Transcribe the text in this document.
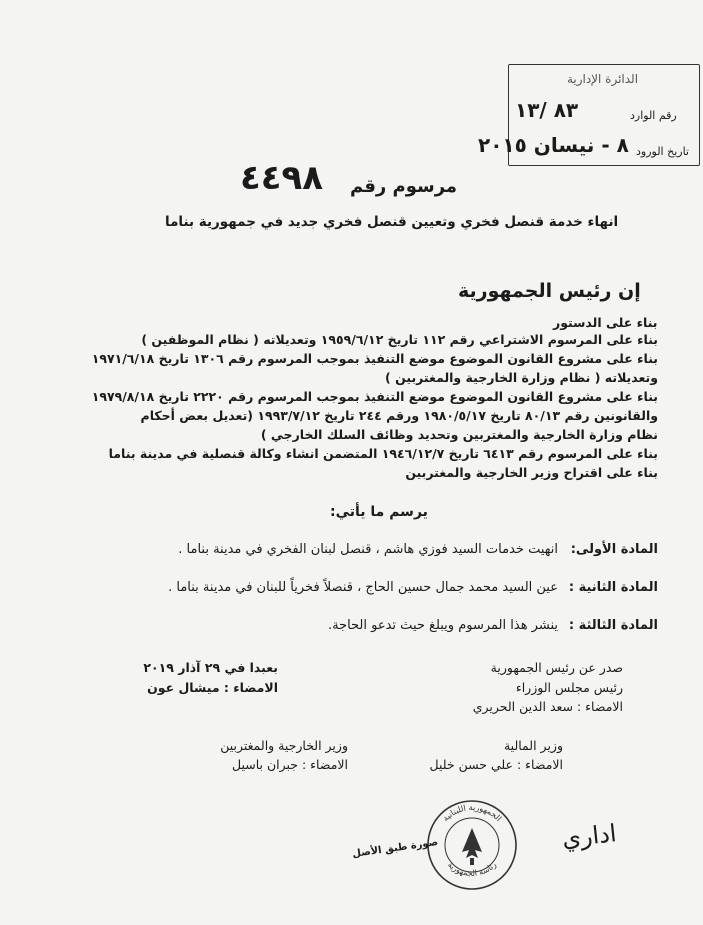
الدائرة الإدارية
رقم الوارد
٨٣ /١٣
تاريخ الورود
٨ - نيسان ٢٠١٥
مرسوم رقم
٤٤٩٨
انهاء خدمة قنصل فخري وتعيين قنصل فخري جديد في جمهورية بناما
إن رئيس الجمهورية
بناء على الدستور
بناء على المرسوم الاشتراعي رقم ١١٢ تاريخ ١٩٥٩/٦/١٢ وتعديلاته ( نظام الموظفين )
بناء على مشروع القانون الموضوع موضع التنفيذ بموجب المرسوم رقم ١٣٠٦ تاريخ ١٩٧١/٦/١٨
وتعديلاته ( نظام وزارة الخارجية والمغتربين )
بناء على مشروع القانون الموضوع موضع التنفيذ بموجب المرسوم رقم ٢٢٢٠ تاريخ ١٩٧٩/٨/١٨
والقانونين رقم ٨٠/١٣ تاريخ ١٩٨٠/٥/١٧ ورقم ٢٤٤ تاريخ ١٩٩٣/٧/١٢ (تعديل بعض أحكام
نظام وزارة الخارجية والمغتربين وتحديد وظائف السلك الخارجي )
بناء على المرسوم رقم ٦٤١٣ تاريخ ١٩٤٦/١٢/٧ المتضمن انشاء وكالة قنصلية في مدينة بناما
بناء على اقتراح وزير الخارجية والمغتربين
يرسم ما يأتي:
المادة الأولى:
انهيت خدمات السيد فوزي هاشم ، قنصل لبنان الفخري في مدينة بناما .
المادة الثانية :
عين السيد محمد جمال حسين الحاج ، قنصلاً فخرياً للبنان في مدينة بناما .
المادة الثالثة :
ينشر هذا المرسوم ويبلغ حيث تدعو الحاجة.
صدر عن رئيس الجمهورية
رئيس مجلس الوزراء
الامضاء : سعد الدين الحريري
بعبدا في ٢٩ آذار ٢٠١٩
الامضاء : ميشال عون
وزير المالية
الامضاء : علي حسن خليل
وزير الخارجية والمغتربين
الامضاء : جبران باسيل
الجمهورية اللبنانية
رئاسة الجمهورية
صورة طبق الأصل	اداري
